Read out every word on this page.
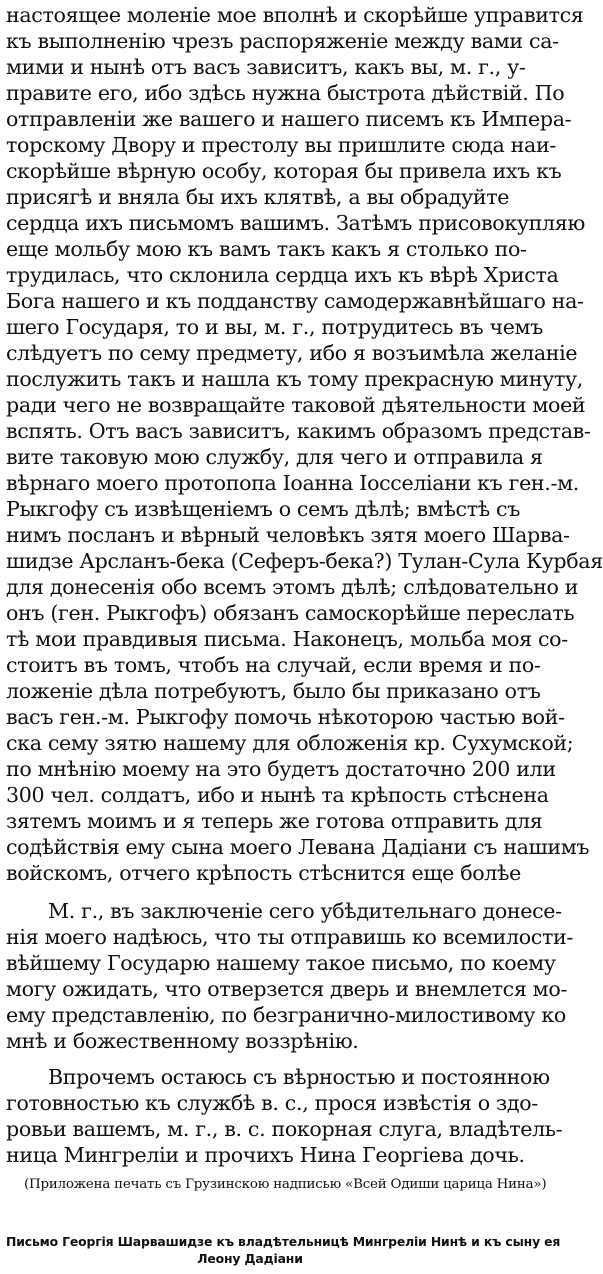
настоящее моленіе мое вполнѣ и скорѣйше управится
къ выполненію чрезъ распоряженіе между вами са-
мими и нынѣ отъ васъ зависитъ, какъ вы, м. г., у-
правите его, ибо здѣсь нужна быстрота дѣйствій. По
отправленіи же вашего и нашего писемъ къ Импера-
торскому Двору и престолу вы пришлите сюда наи-
скорѣйше вѣрную особу, которая бы привела ихъ къ
присягѣ и вняла бы ихъ клятвѣ, а вы обрадуйте
сердца ихъ письмомъ вашимъ. Затѣмъ присовокупляю
еще мольбу мою къ вамъ такъ какъ я столько по-
трудилась, что склонила сердца ихъ къ вѣрѣ Христа
Бога нашего и къ подданству самодержавнѣйшаго на-
шего Государя, то и вы, м. г., потрудитесь въ чемъ
слѣдуетъ по сему предмету, ибо я возъимѣла желаніе
послужить такъ и нашла къ тому прекрасную минуту,
ради чего не возвращайте таковой дѣятельности моей
вспять. Отъ васъ зависитъ, какимъ образомъ представ-
вите таковую мою службу, для чего и отправила я
вѣрнаго моего протопопа Іоанна Іосселіани къ ген.-м.
Рыкгофу съ извѣщеніемъ о семъ дѣлѣ; вмѣстѣ съ
нимъ посланъ и вѣрный человѣкъ зятя моего Шарва-
шидзе Арсланъ-бека (Сеферъ-бека?) Тулан-Сула Курбая
для донесенія обо всемъ этомъ дѣлѣ; слѣдовательно и
онъ (ген. Рыкгофъ) обязанъ самоскорѣйше переслать
тѣ мои правдивыя письма. Наконецъ, мольба моя со-
стоитъ въ томъ, чтобъ на случай, если время и по-
ложеніе дѣла потребуютъ, было бы приказано отъ
васъ ген.-м. Рыкгофу помочь нѣкоторою частью вой-
ска сему зятю нашему для обложенія кр. Сухумской;
по мнѣнію моему на это будетъ достаточно 200 или
300 чел. солдатъ, ибо и нынѣ та крѣпость стѣснена
зятемъ моимъ и я теперь же готова отправить для
содѣйствія ему сына моего Левана Дадіани съ нашимъ
войскомъ, отчего крѣпость стѣснится еще болѣе
М. г., въ заключеніе сего убѣдительнаго донесе-
нія моего надѣюсь, что ты отправишь ко всемилости-
вѣйшему Государю нашему такое письмо, по коему
могу ожидать, что отверзется дверь и внемлется мо-
ему представленію, по безгранично-милостивому ко
мнѣ и божественному воззрѣнію.
Впрочемъ остаюсь съ вѣрностью и постоянною
готовностью къ службѣ в. с., прося извѣстія о здо-
ровьи вашемъ, м. г., в. с. покорная слуга, владѣтель-
ница Мингреліи и прочихъ Нина Георгіева дочь.
(Приложена печать съ Грузинскою надписью «Всей Одиши царица Нина»)
Письмо Георгія Шарвашидзе къ владѣтельницѣ Мингреліи Нинѣ и къ сыну ея
Леону Дадіани
